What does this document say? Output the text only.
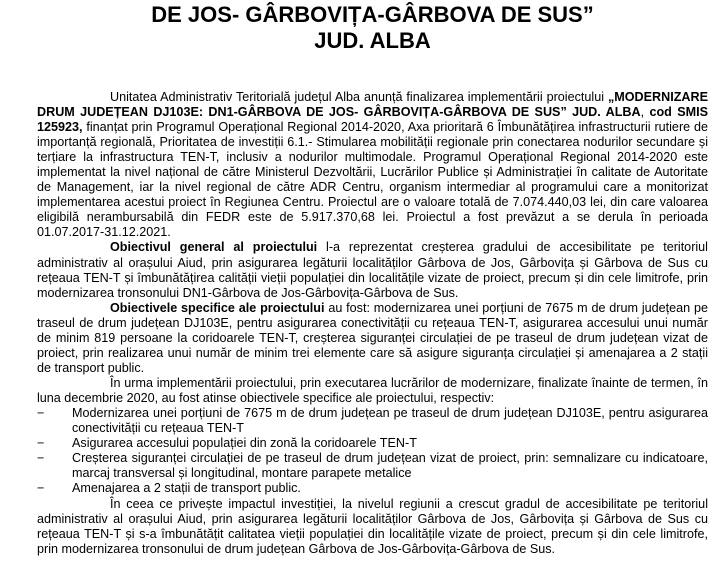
DE JOS- GÂRBOVIȚA-GÂRBOVA DE SUS”
JUD. ALBA

Unitatea Administrativ Teritorială județul Alba anunță finalizarea implementării proiectului „MODERNIZARE DRUM JUDEȚEAN DJ103E: DN1-GÂRBOVA DE JOS- GÂRBOVIȚA-GÂRBOVA DE SUS” JUD. ALBA, cod SMIS 125923, finanțat prin Programul Operațional Regional 2014-2020, Axa prioritară 6 Îmbunătățirea infrastructurii rutiere de importanță regională, Prioritatea de investiții 6.1.- Stimularea mobilității regionale prin conectarea nodurilor secundare și terțiare la infrastructura TEN-T, inclusiv a nodurilor multimodale. Programul Operațional Regional 2014-2020 este implementat la nivel național de către Ministerul Dezvoltării, Lucrărilor Publice și Administrației în calitate de Autoritate de Management, iar la nivel regional de către ADR Centru, organism intermediar al programului care a monitorizat implementarea acestui proiect în Regiunea Centru. Proiectul are o valoare totală de 7.074.440,03 lei, din care valoarea eligibilă nerambursabilă din FEDR este de 5.917.370,68 lei. Proiectul a fost prevăzut a se derula în perioada 01.07.2017-31.12.2021.

Obiectivul general al proiectului l-a reprezentat creșterea gradului de accesibilitate pe teritoriul administrativ al orașului Aiud, prin asigurarea legăturii localităților Gârbova de Jos, Gârbovița și Gârbova de Sus cu rețeaua TEN-T și îmbunătățirea calității vieții populației din localitățile vizate de proiect, precum și din cele limitrofe, prin modernizarea tronsonului DN1-Gârbova de Jos-Gârbovița-Gârbova de Sus.

Obiectivele specifice ale proiectului au fost: modernizarea unei porțiuni de 7675 m de drum județean pe traseul de drum județean DJ103E, pentru asigurarea conectivității cu rețeaua TEN-T, asigurarea accesului unui număr de minim 819 persoane la coridoarele TEN-T, creșterea siguranței circulației de pe traseul de drum județean vizat de proiect, prin realizarea unui număr de minim trei elemente care să asigure siguranța circulației și amenajarea a 2 stații de transport public.

În urma implementării proiectului, prin executarea lucrărilor de modernizare, finalizate înainte de termen, în luna decembrie 2020, au fost atinse obiectivele specifice ale proiectului, respectiv:

− Modernizarea unei porțiuni de 7675 m de drum județean pe traseul de drum județean DJ103E, pentru asigurarea conectivității cu rețeaua TEN-T
− Asigurarea accesului populației din zonă la coridoarele TEN-T
− Creșterea siguranței circulației de pe traseul de drum județean vizat de proiect, prin: semnalizare cu indicatoare, marcaj transversal și longitudinal, montare parapete metalice
− Amenajarea a 2 stații de transport public.

În ceea ce privește impactul investiției, la nivelul regiunii a crescut gradul de accesibilitate pe teritoriul administrativ al orașului Aiud, prin asigurarea legăturii localităților Gârbova de Jos, Gârbovița și Gârbova de Sus cu rețeaua TEN-T și s-a îmbunătățit calitatea vieții populației din localitățile vizate de proiect, precum și din cele limitrofe, prin modernizarea tronsonului de drum județean Gârbova de Jos-Gârbovița-Gârbova de Sus.
